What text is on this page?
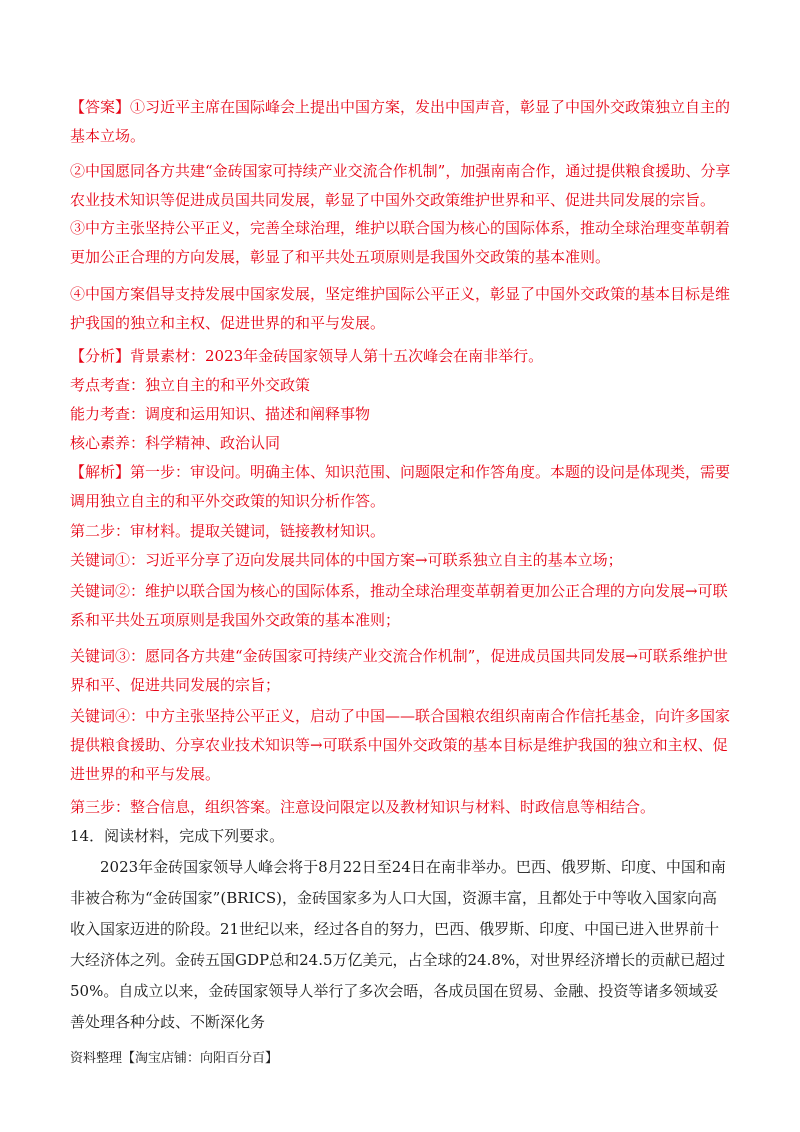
【答案】①习近平主席在国际峰会上提出中国方案，发出中国声音，彰显了中国外交政策独立自主的基本立场。

②中国愿同各方共建“金砖国家可持续产业交流合作机制”，加强南南合作，通过提供粮食援助、分享农业技术知识等促进成员国共同发展，彰显了中国外交政策维护世界和平、促进共同发展的宗旨。

③中方主张坚持公平正义，完善全球治理，维护以联合国为核心的国际体系，推动全球治理变革朝着更加公正合理的方向发展，彰显了和平共处五项原则是我国外交政策的基本准则。

④中国方案倡导支持发展中国家发展，坚定维护国际公平正义，彰显了中国外交政策的基本目标是维护我国的独立和主权、促进世界的和平与发展。

【分析】背景素材：2023年金砖国家领导人第十五次峰会在南非举行。

考点考查：独立自主的和平外交政策

能力考查：调度和运用知识、描述和阐释事物

核心素养：科学精神、政治认同

【解析】第一步：审设问。明确主体、知识范围、问题限定和作答角度。本题的设问是体现类，需要调用独立自主的和平外交政策的知识分析作答。

第二步：审材料。提取关键词，链接教材知识。

关键词①：习近平分享了迈向发展共同体的中国方案→可联系独立自主的基本立场；

关键词②：维护以联合国为核心的国际体系，推动全球治理变革朝着更加公正合理的方向发展→可联系和平共处五项原则是我国外交政策的基本准则；

关键词③：愿同各方共建“金砖国家可持续产业交流合作机制”，促进成员国共同发展→可联系维护世界和平、促进共同发展的宗旨；

关键词④：中方主张坚持公平正义，启动了中国——联合国粮农组织南南合作信托基金，向许多国家提供粮食援助、分享农业技术知识等→可联系中国外交政策的基本目标是维护我国的独立和主权、促进世界的和平与发展。

第三步：整合信息，组织答案。注意设问限定以及教材知识与材料、时政信息等相结合。

14．阅读材料，完成下列要求。

2023年金砖国家领导人峰会将于8月22日至24日在南非举办。巴西、俄罗斯、印度、中国和南非被合称为“金砖国家”(BRICS)，金砖国家多为人口大国，资源丰富，且都处于中等收入国家向高收入国家迈进的阶段。21世纪以来，经过各自的努力，巴西、俄罗斯、印度、中国已进入世界前十大经济体之列。金砖五国GDP总和24.5万亿美元，占全球的24.8%，对世界经济增长的贡献已超过50%。自成立以来，金砖国家领导人举行了多次会晤，各成员国在贸易、金融、投资等诸多领域妥善处理各种分歧、不断深化务

资料整理【淘宝店铺：向阳百分百】
